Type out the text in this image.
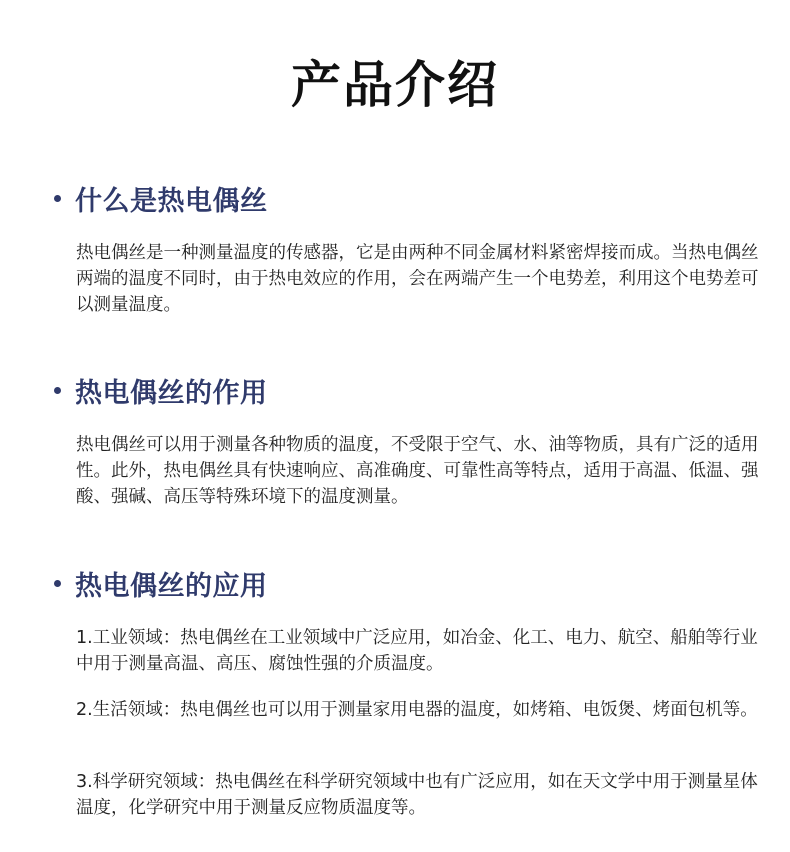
产品介绍
什么是热电偶丝

热电偶丝是一种测量温度的传感器，它是由两种不同金属材料紧密焊接而成。当热电偶丝两端的温度不同时，由于热电效应的作用，会在两端产生一个电势差，利用这个电势差可以测量温度。

热电偶丝的作用

热电偶丝可以用于测量各种物质的温度，不受限于空气、水、油等物质，具有广泛的适用性。此外，热电偶丝具有快速响应、高准确度、可靠性高等特点，适用于高温、低温、强酸、强碱、高压等特殊环境下的温度测量。

热电偶丝的应用

1.工业领域：热电偶丝在工业领域中广泛应用，如冶金、化工、电力、航空、船舶等行业中用于测量高温、高压、腐蚀性强的介质温度。

2.生活领域：热电偶丝也可以用于测量家用电器的温度，如烤箱、电饭煲、烤面包机等。

3.科学研究领域：热电偶丝在科学研究领域中也有广泛应用，如在天文学中用于测量星体温度，化学研究中用于测量反应物质温度等。
